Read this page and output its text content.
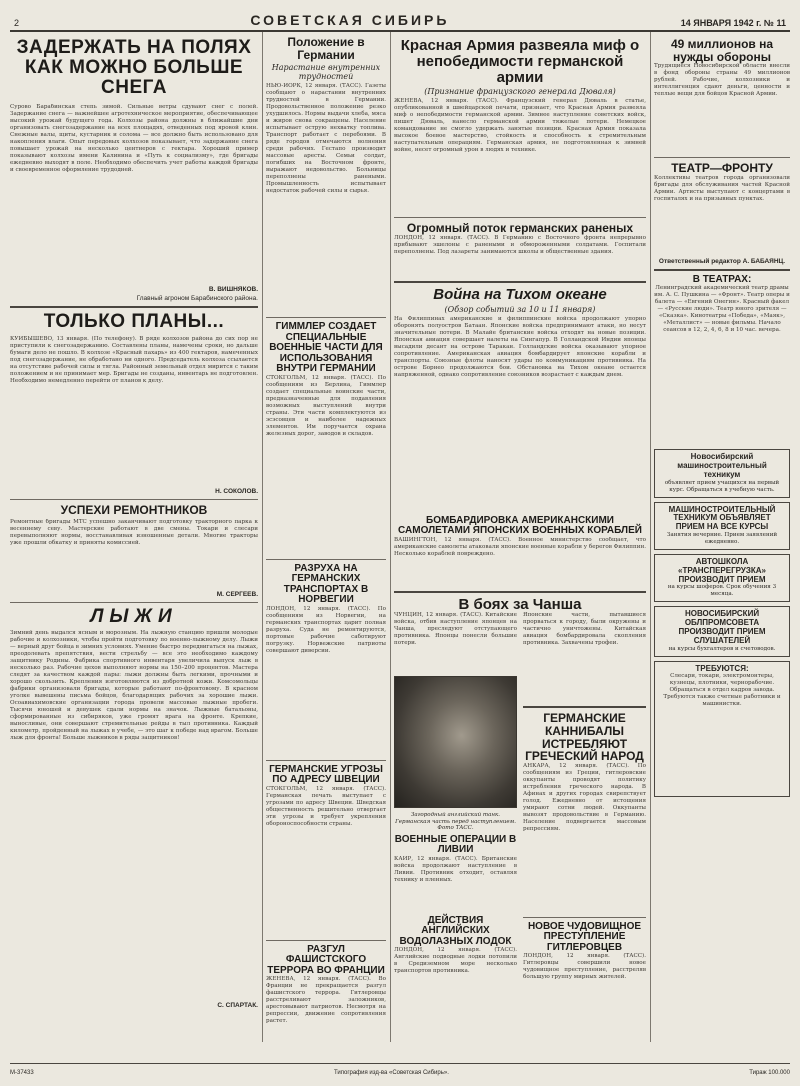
2	СОВЕТСКАЯ СИБИРЬ	14 ЯНВАРЯ 1942 г. № 11
ЗАДЕРЖАТЬ НА ПОЛЯХ КАК МОЖНО БОЛЬШЕ СНЕГА
Сурово Барабинская степь зимой. Сильные ветры сдувают снег с полей. Задержание снега — важнейшее агротехническое мероприятие, обеспечивающее высокий урожай будущего года. Колхозы района должны в ближайшие дни организовать снегозадержание на всех площадях, отведенных под яровой клин. Снежные валы, щиты, кустарник и солома — все должно быть использовано для накопления влаги. Опыт передовых колхозов показывает, что задержание снега повышает урожай на несколько центнеров с гектара. Хороший пример показывают колхозы имени Калинина и «Путь к социализму», где бригады ежедневно выходят в поле. Необходимо обеспечить учет работы каждой бригады и своевременное оформление трудодней.
В. ВИШНЯКОВ.
Главный агроном Барабинского района.
ТОЛЬКО ПЛАНЫ...
КУЙБЫШЕВО, 13 января. (По телефону). В ряде колхозов района до сих пор не приступили к снегозадержанию. Составлены планы, намечены сроки, но дальше бумаги дело не пошло. В колхозе «Красный пахарь» из 400 гектаров, намеченных под снегозадержание, не обработано ни одного. Председатель колхоза ссылается на отсутствие рабочей силы и тягла. Районный земельный отдел мирится с таким положением и не принимает мер. Бригады не созданы, инвентарь не подготовлен. Необходимо немедленно перейти от планов к делу.
Н. СОКОЛОВ.
УСПЕХИ РЕМОНТНИКОВ
Ремонтные бригады МТС успешно заканчивают подготовку тракторного парка к весеннему севу. Мастерские работают в две смены. Токари и слесари перевыполняют нормы, восстанавливая изношенные детали. Многие тракторы уже прошли обкатку и приняты комиссией.
М. СЕРГЕЕВ.
ЛЫЖИ
Зимний день выдался ясным и морозным. На лыжную станцию пришли молодые рабочие и колхозники, чтобы пройти подготовку по военно-лыжному делу. Лыжи — верный друг бойца в зимних условиях. Умение быстро передвигаться на лыжах, преодолевать препятствия, вести стрельбу — все это необходимо каждому защитнику Родины. Фабрика спортивного инвентаря увеличила выпуск лыж в несколько раз. Рабочие цехов выполняют нормы на 150–200 процентов. Мастера следят за качеством каждой пары: лыжи должны быть легкими, прочными и хорошо скользить. Крепления изготовляются из добротной кожи. Комсомольцы фабрики организовали бригады, которые работают по-фронтовому. В красном уголке вывешены письма бойцов, благодарящих рабочих за хорошие лыжи. Осоавиахимовские организации города провели массовые лыжные пробеги. Тысячи юношей и девушек сдали нормы на значок. Лыжные батальоны, сформированные из сибиряков, уже громят врага на фронте. Крепкие, выносливые, они совершают стремительные рейды в тыл противника. Каждый километр, пройденный на лыжах в учебе, — это шаг к победе над врагом. Больше лыж для фронта! Больше лыжников в ряды защитников!
С. СПАРТАК.
Положение в Германии
Нарастание внутренних трудностей
НЬЮ-ЙОРК, 12 января. (ТАСС). Газеты сообщают о нарастании внутренних трудностей в Германии. Продовольственное положение резко ухудшилось. Нормы выдачи хлеба, мяса и жиров снова сокращены. Население испытывает острую нехватку топлива. Транспорт работает с перебоями. В ряде городов отмечаются волнения среди рабочих. Гестапо производит массовые аресты. Семьи солдат, погибших на Восточном фронте, выражают недовольство. Больницы переполнены ранеными. Промышленность испытывает недостаток рабочей силы и сырья.
ГИММЛЕР СОЗДАЕТ СПЕЦИАЛЬНЫЕ ВОЕННЫЕ ЧАСТИ ДЛЯ ИСПОЛЬЗОВАНИЯ ВНУТРИ ГЕРМАНИИ
СТОКГОЛЬМ, 12 января. (ТАСС). По сообщениям из Берлина, Гиммлер создает специальные воинские части, предназначенные для подавления возможных выступлений внутри страны. Эти части комплектуются из эсэсовцев и наиболее надежных элементов. Им поручается охрана железных дорог, заводов и складов.
РАЗРУХА НА ГЕРМАНСКИХ ТРАНСПОРТАХ В НОРВЕГИИ
ЛОНДОН, 12 января. (ТАСС). По сообщениям из Норвегии, на германских транспортах царит полная разруха. Суда не ремонтируются, портовые рабочие саботируют погрузку. Норвежские патриоты совершают диверсии.
ГЕРМАНСКИЕ УГРОЗЫ ПО АДРЕСУ ШВЕЦИИ
СТОКГОЛЬМ, 12 января. (ТАСС). Германская печать выступает с угрозами по адресу Швеции. Шведская общественность решительно отвергает эти угрозы и требует укрепления обороноспособности страны.
РАЗГУЛ ФАШИСТСКОГО ТЕРРОРА ВО ФРАНЦИИ
ЖЕНЕВА, 12 января. (ТАСС). Во Франции не прекращается разгул фашистского террора. Гитлеровцы расстреливают заложников, арестовывают патриотов. Несмотря на репрессии, движение сопротивления растет.
Красная Армия развеяла миф о непобедимости германской армии
(Признание французского генерала Дюваля)
ЖЕНЕВА, 12 января. (ТАСС). Французский генерал Дюваль в статье, опубликованной в швейцарской печати, признает, что Красная Армия развеяла миф о непобедимости германской армии. Зимнее наступление советских войск, пишет Дюваль, нанесло германской армии тяжелые потери. Немецкое командование не смогло удержать занятые позиции. Красная Армия показала высокое боевое мастерство, стойкость и способность к стремительным наступательным операциям. Германская армия, не подготовленная к зимней войне, несет огромный урон в людях и технике.
Огромный поток германских раненых
ЛОНДОН, 12 января. (ТАСС). В Германию с Восточного фронта непрерывно прибывают эшелоны с ранеными и обмороженными солдатами. Госпитали переполнены. Под лазареты занимаются школы и общественные здания.
Война на Тихом океане
(Обзор событий за 10 и 11 января)
На Филиппинах американские и филиппинские войска продолжают упорно оборонять полуостров Батаан. Японские войска предпринимают атаки, но несут значительные потери. В Малайе британские войска отходят на новые позиции. Японская авиация совершает налеты на Сингапур. В Голландской Индии японцы высадили десант на острове Таракан. Голландские войска оказывают упорное сопротивление. Американская авиация бомбардирует японские корабли и транспорты. Союзные флоты наносят удары по коммуникациям противника. На острове Борнео продолжаются бои. Обстановка на Тихом океане остается напряженной, однако сопротивление союзников возрастает с каждым днем.
БОМБАРДИРОВКА АМЕРИКАНСКИМИ САМОЛЕТАМИ ЯПОНСКИХ ВОЕННЫХ КОРАБЛЕЙ
ВАШИНГТОН, 12 января. (ТАСС). Военное министерство сообщает, что американские самолеты атаковали японские военные корабли у берегов Филиппин. Несколько кораблей повреждено.
В боях за Чанша
ЧУНЦИН, 12 января. (ТАСС). Китайские войска, отбив наступление японцев на Чанша, преследуют отступающего противника. Японцы понесли большие потери.
Загородный английский танк. Германская часть перед наступлением. Фото ТАСС.
ВОЕННЫЕ ОПЕРАЦИИ В ЛИВИИ
КАИР, 12 января. (ТАСС). Британские войска продолжают наступление в Ливии. Противник отходит, оставляя технику и пленных.
ДЕЙСТВИЯ АНГЛИЙСКИХ ВОДОЛАЗНЫХ ЛОДОК
ЛОНДОН, 12 января. (ТАСС). Английские подводные лодки потопили в Средиземном море несколько транспортов противника.
Японские части, пытавшиеся прорваться к городу, были окружены и частично уничтожены. Китайская авиация бомбардировала скопления противника. Захвачены трофеи.
ГЕРМАНСКИЕ КАННИБАЛЫ ИСТРЕБЛЯЮТ ГРЕЧЕСКИЙ НАРОД
АНКАРА, 12 января. (ТАСС). По сообщениям из Греции, гитлеровские оккупанты проводят политику истребления греческого народа. В Афинах и других городах свирепствует голод. Ежедневно от истощения умирают сотни людей. Оккупанты вывозят продовольствие в Германию. Население подвергается массовым репрессиям.
НОВОЕ ЧУДОВИЩНОЕ ПРЕСТУПЛЕНИЕ ГИТЛЕРОВЦЕВ
ЛОНДОН, 12 января. (ТАСС). Гитлеровцы совершили новое чудовищное преступление, расстреляв большую группу мирных жителей.
49 миллионов на нужды обороны
Трудящиеся Новосибирской области внесли в фонд обороны страны 49 миллионов рублей. Рабочие, колхозники и интеллигенция сдают деньги, ценности и теплые вещи для бойцов Красной Армии.
ТЕАТР—ФРОНТУ
Коллективы театров города организовали бригады для обслуживания частей Красной Армии. Артисты выступают с концертами в госпиталях и на призывных пунктах.
Ответственный редактор А. БАБАЯНЦ.
В ТЕАТРАХ:
Ленинградский академический театр драмы им. А. С. Пушкина — «Фронт». Театр оперы и балета — «Евгений Онегин». Красный факел — «Русские люди». Театр юного зрителя — «Сказка». Кинотеатры «Победа», «Маяк», «Металлист» — новые фильмы. Начало сеансов в 12, 2, 4, 6, 8 и 10 час. вечера.
Новосибирский машиностроительный техникум
объявляет прием учащихся на первый курс. Обращаться в учебную часть.
МАШИНОСТРОИТЕЛЬНЫЙ ТЕХНИКУМ ОБЪЯВЛЯЕТ ПРИЕМ НА ВСЕ КУРСЫ
Занятия вечерние. Прием заявлений ежедневно.
АВТОШКОЛА «ТРАНСПЕРЕГРУЗКА» ПРОИЗВОДИТ ПРИЕМ
на курсы шоферов. Срок обучения 3 месяца.
НОВОСИБИРСКИЙ ОБЛПРОМСОВЕТА ПРОИЗВОДИТ ПРИЕМ СЛУШАТЕЛЕЙ
на курсы бухгалтеров и счетоводов.
ТРЕБУЮТСЯ:
Слесари, токари, электромонтеры, кузнецы, плотники, чернорабочие. Обращаться в отдел кадров завода. Требуются также счетные работники и машинистки.
М-37433	Типография изд-ва «Советская Сибирь».	Тираж 100.000
